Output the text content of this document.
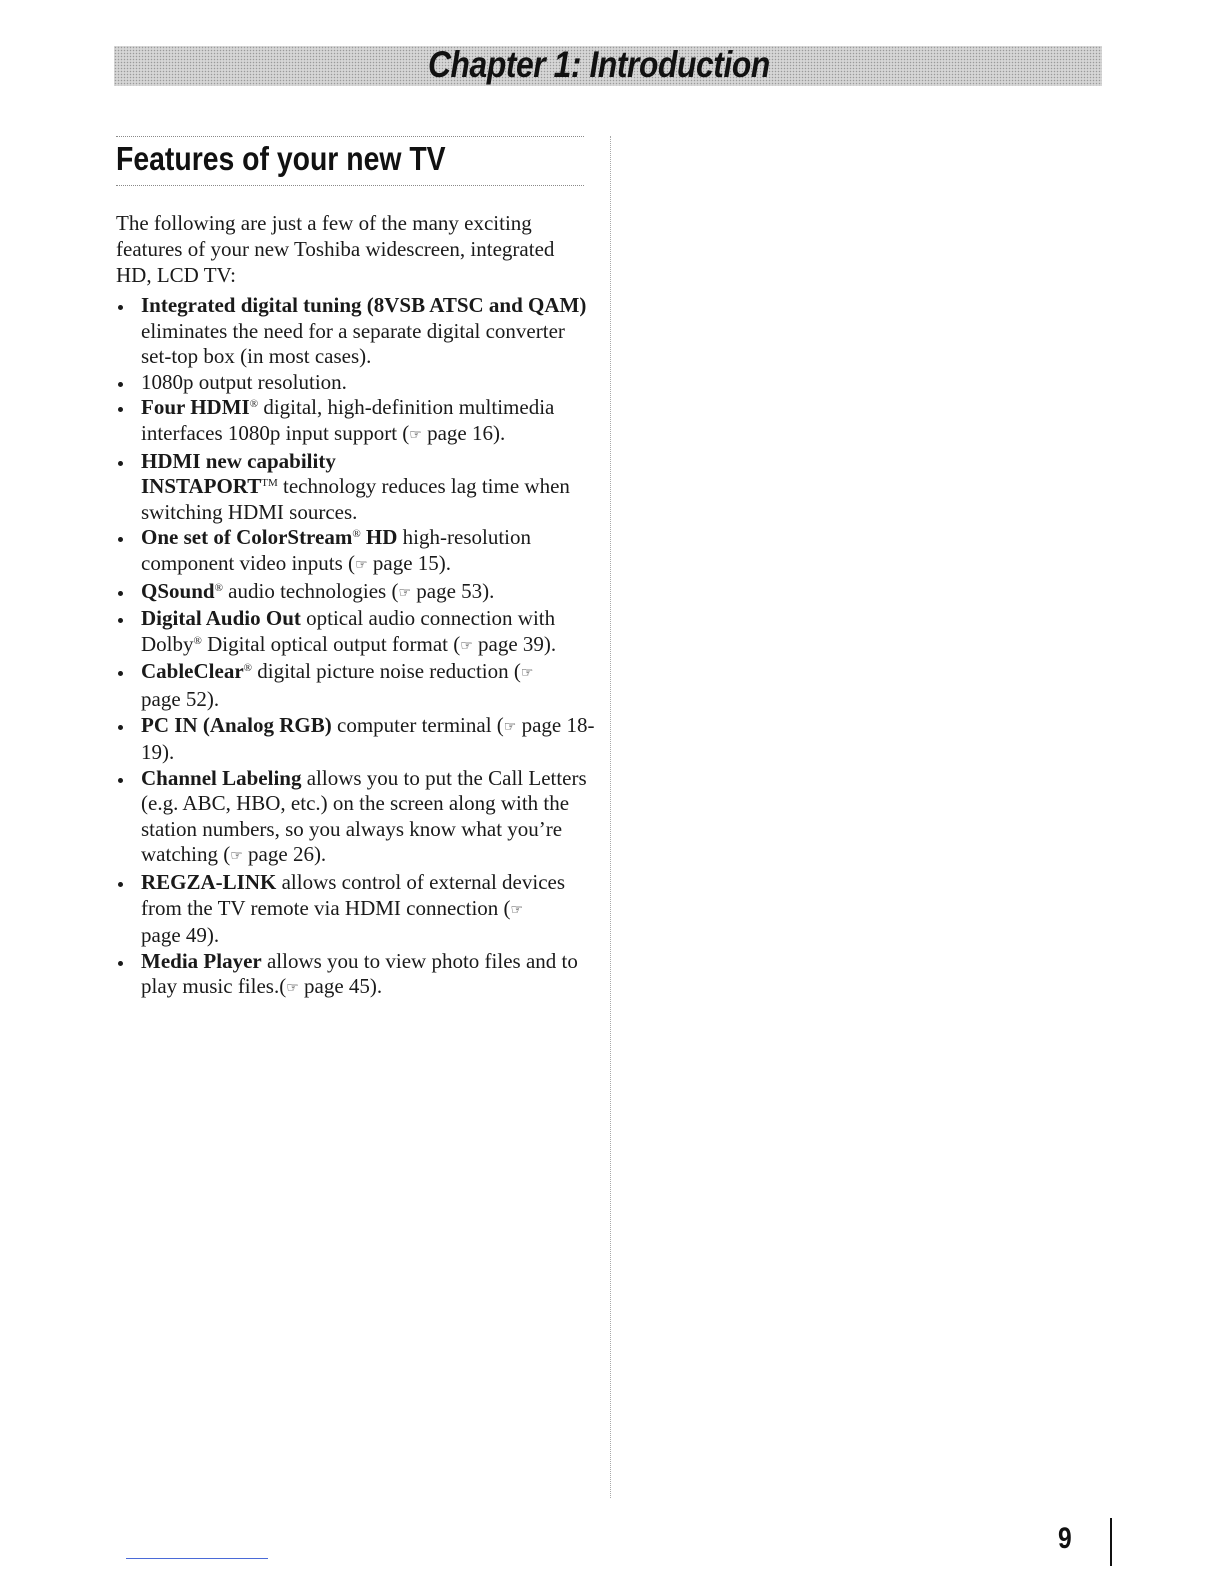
Chapter 1: Introduction
Features of your new TV

The following are just a few of the many exciting features of your new Toshiba widescreen, integrated HD, LCD TV:

Integrated digital tuning (8VSB ATSC and QAM) eliminates the need for a separate digital converter set-top box (in most cases).
1080p output resolution.
Four HDMI® digital, high-definition multimedia interfaces 1080p input support (☞ page 16).
HDMI new capability
INSTAPORT™ technology reduces lag time when switching HDMI sources.
One set of ColorStream® HD high-resolution component video inputs (☞ page 15).
QSound® audio technologies (☞ page 53).
Digital Audio Out optical audio connection with Dolby® Digital optical output format (☞ page 39).
CableClear® digital picture noise reduction (☞
page 52).
PC IN (Analog RGB) computer terminal (☞ page 18-19).
Channel Labeling allows you to put the Call Letters (e.g. ABC, HBO, etc.) on the screen along with the station numbers, so you always know what you’re watching (☞ page 26).
REGZA-LINK allows control of external devices from the TV remote via HDMI connection (☞
page 49).
Media Player allows you to view photo files and to play music files.(☞ page 45).
9
